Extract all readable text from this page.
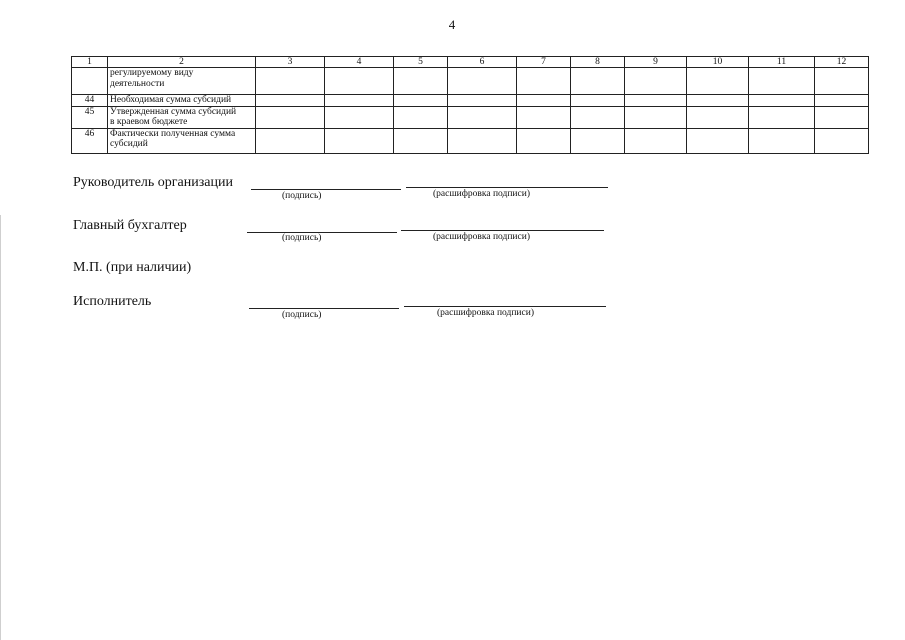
4
1	2	3	4	5	6	7	8	9	10	11	12

	регулируемому виду
деятельности										

44	Необходимая сумма субсидий										

45	Утвержденная сумма субсидий
в краевом бюджете										

46	Фактически полученная сумма
субсидий										

Руководитель организации
(подпись)	(расшифровка подписи)
Главный бухгалтер
(подпись)	(расшифровка подписи)
М.П. (при наличии)
Исполнитель
(подпись)	(расшифровка подписи)
